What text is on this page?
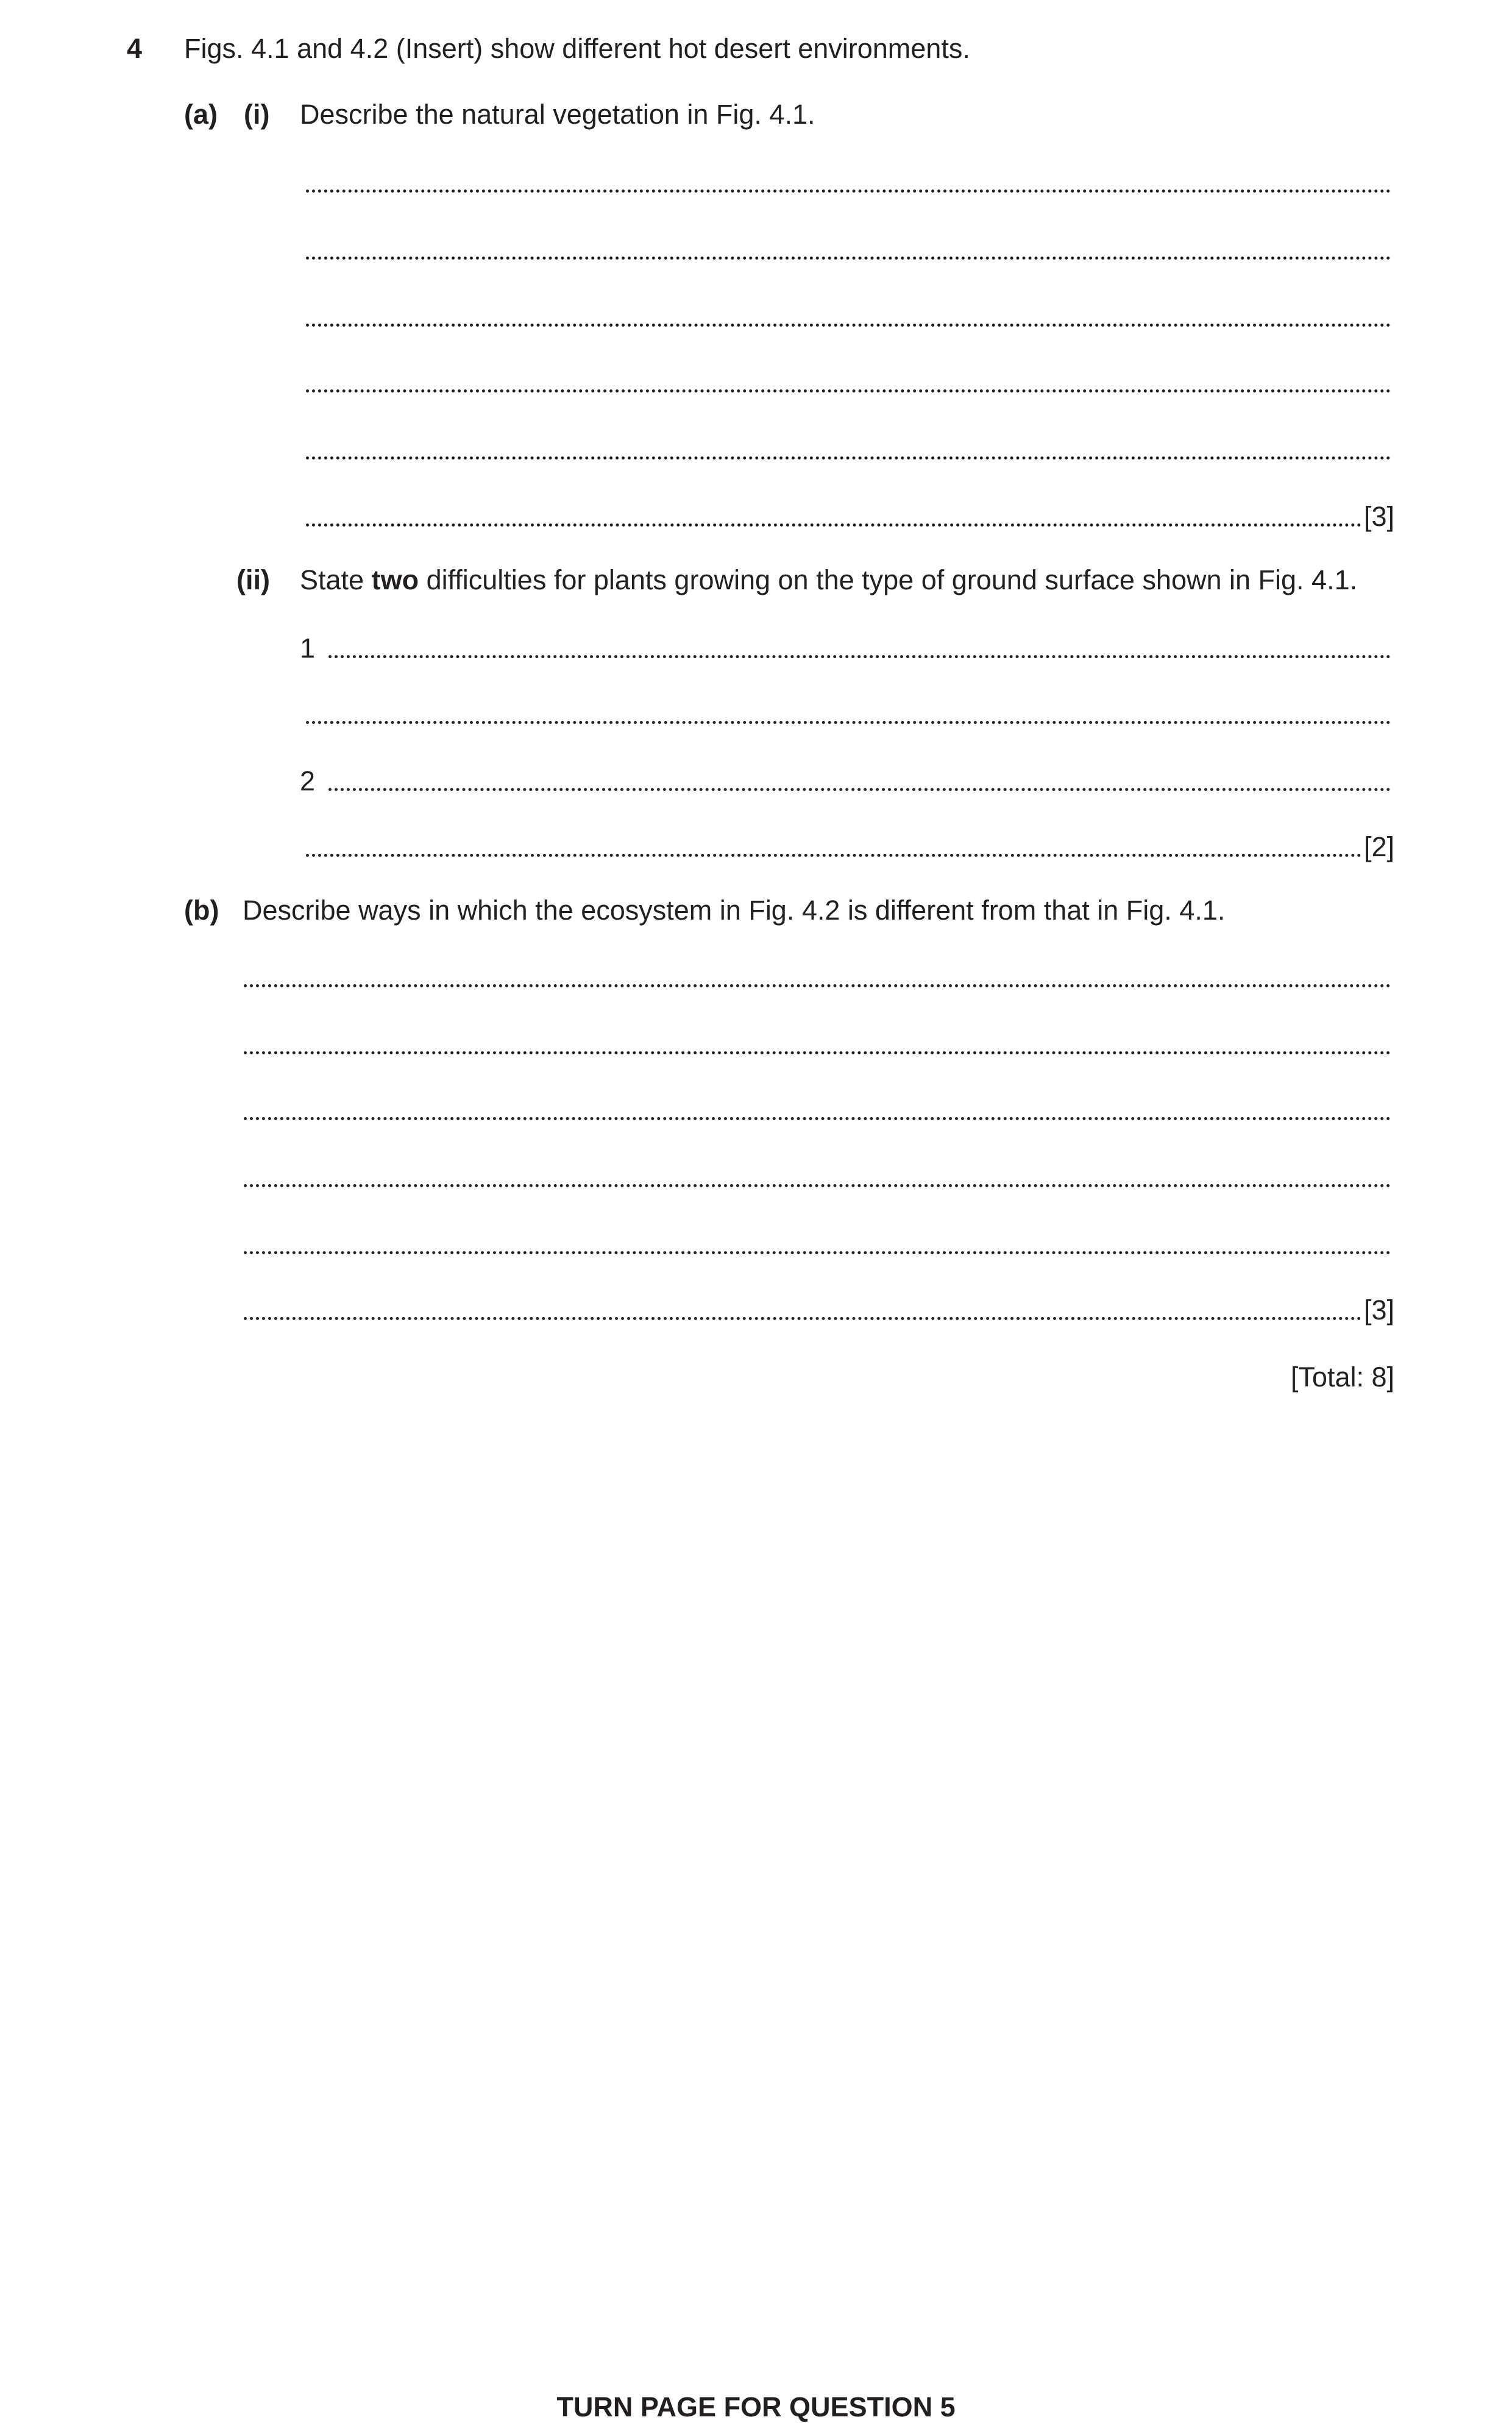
4 Figs. 4.1 and 4.2 (Insert) show different hot desert environments.
(a) (i) Describe the natural vegetation in Fig. 4.1.
[3]
(ii) State two difficulties for plants growing on the type of ground surface shown in Fig. 4.1.
1
2
[2]
(b) Describe ways in which the ecosystem in Fig. 4.2 is different from that in Fig. 4.1.
[3]
[Total: 8]
TURN PAGE FOR QUESTION 5
